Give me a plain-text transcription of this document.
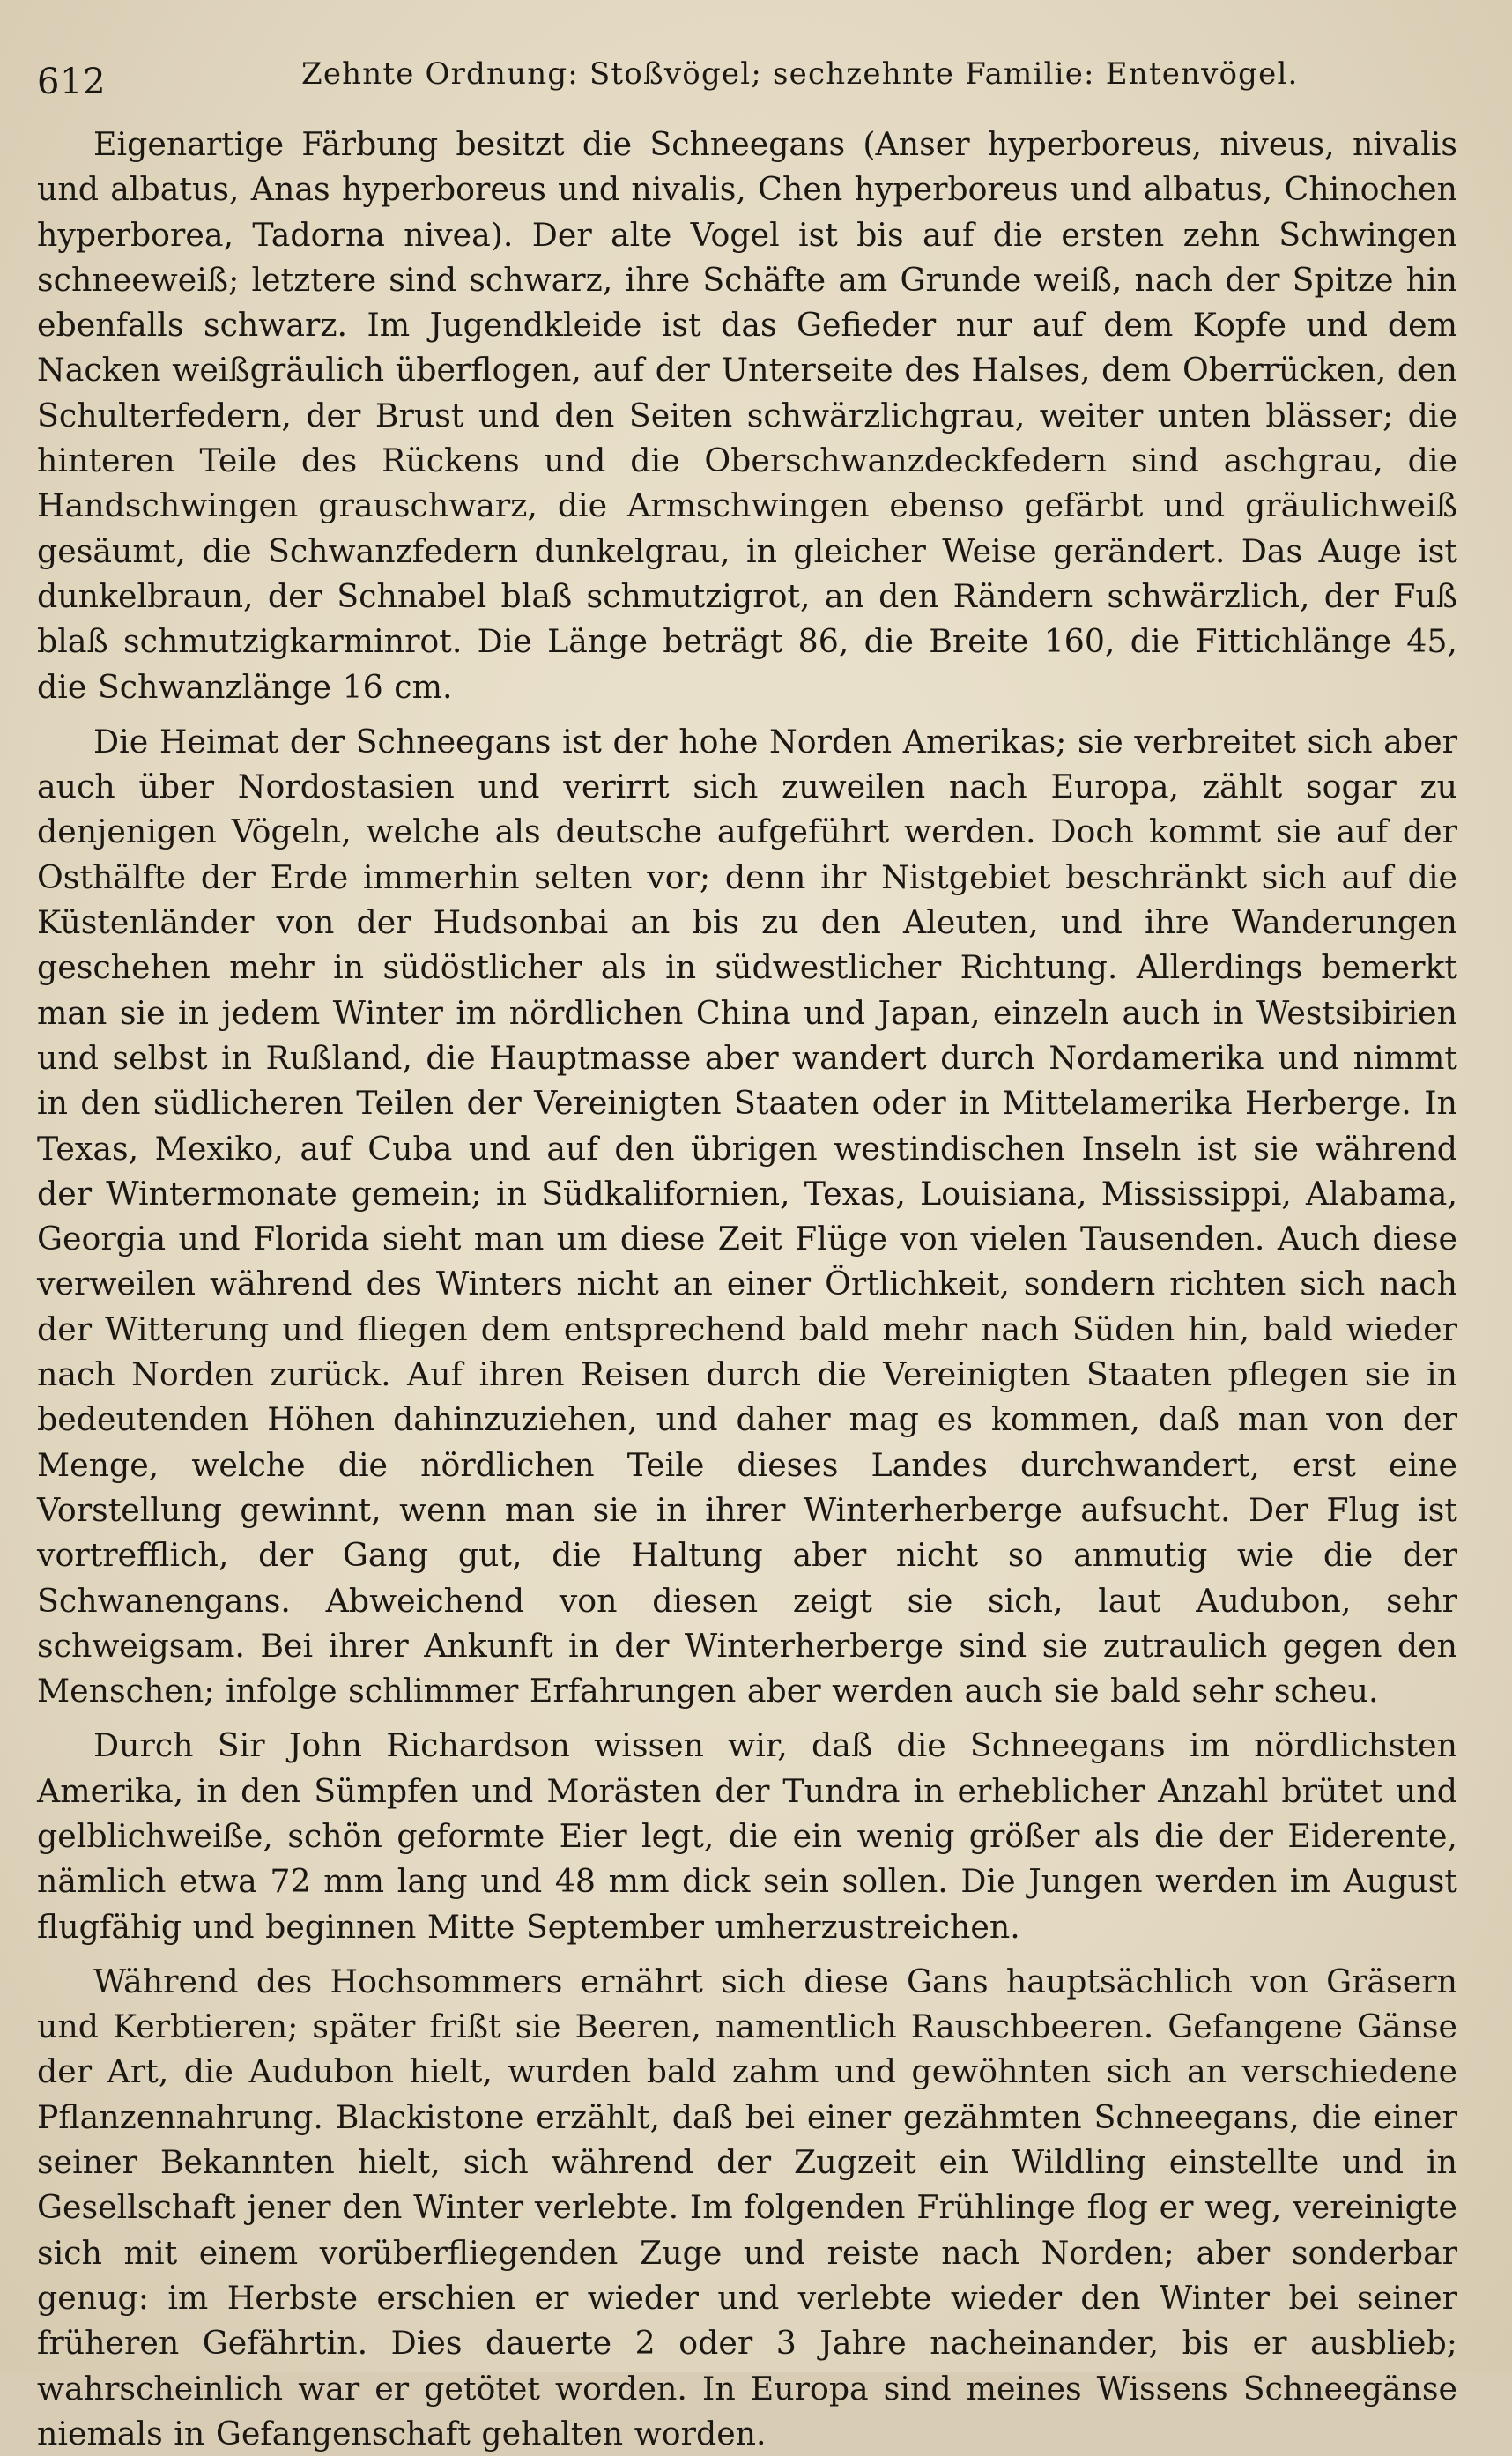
612	Zehnte Ordnung: Stoßvögel; sechzehnte Familie: Entenvögel.

Eigenartige Färbung besitzt die Schneegans (Anser hyperboreus, niveus, nivalis und albatus, Anas hyperboreus und nivalis, Chen hyperboreus und albatus, Chinochen hyperborea, Tadorna nivea). Der alte Vogel ist bis auf die ersten zehn Schwingen schneeweiß; letztere sind schwarz, ihre Schäfte am Grunde weiß, nach der Spitze hin ebenfalls schwarz. Im Jugendkleide ist das Gefieder nur auf dem Kopfe und dem Nacken weißgräulich überflogen, auf der Unterseite des Halses, dem Oberrücken, den Schulterfedern, der Brust und den Seiten schwärzlichgrau, weiter unten blässer; die hinteren Teile des Rückens und die Oberschwanzdeckfedern sind aschgrau, die Handschwingen grauschwarz, die Armschwingen ebenso gefärbt und gräulichweiß gesäumt, die Schwanzfedern dunkelgrau, in gleicher Weise gerändert. Das Auge ist dunkelbraun, der Schnabel blaß schmutzigrot, an den Rändern schwärzlich, der Fuß blaß schmutzigkarminrot. Die Länge beträgt 86, die Breite 160, die Fittichlänge 45, die Schwanzlänge 16 cm.

Die Heimat der Schneegans ist der hohe Norden Amerikas; sie verbreitet sich aber auch über Nordostasien und verirrt sich zuweilen nach Europa, zählt sogar zu denjenigen Vögeln, welche als deutsche aufgeführt werden. Doch kommt sie auf der Osthälfte der Erde immerhin selten vor; denn ihr Nistgebiet beschränkt sich auf die Küstenländer von der Hudsonbai an bis zu den Aleuten, und ihre Wanderungen geschehen mehr in südöstlicher als in südwestlicher Richtung. Allerdings bemerkt man sie in jedem Winter im nördlichen China und Japan, einzeln auch in Westsibirien und selbst in Rußland, die Hauptmasse aber wandert durch Nordamerika und nimmt in den südlicheren Teilen der Vereinigten Staaten oder in Mittelamerika Herberge. In Texas, Mexiko, auf Cuba und auf den übrigen westindischen Inseln ist sie während der Wintermonate gemein; in Südkalifornien, Texas, Louisiana, Mississippi, Alabama, Georgia und Florida sieht man um diese Zeit Flüge von vielen Tausenden. Auch diese verweilen während des Winters nicht an einer Örtlichkeit, sondern richten sich nach der Witterung und fliegen dem entsprechend bald mehr nach Süden hin, bald wieder nach Norden zurück. Auf ihren Reisen durch die Vereinigten Staaten pflegen sie in bedeutenden Höhen dahinzuziehen, und daher mag es kommen, daß man von der Menge, welche die nördlichen Teile dieses Landes durchwandert, erst eine Vorstellung gewinnt, wenn man sie in ihrer Winterherberge aufsucht. Der Flug ist vortrefflich, der Gang gut, die Haltung aber nicht so anmutig wie die der Schwanengans. Abweichend von diesen zeigt sie sich, laut Audubon, sehr schweigsam. Bei ihrer Ankunft in der Winterherberge sind sie zutraulich gegen den Menschen; infolge schlimmer Erfahrungen aber werden auch sie bald sehr scheu.

Durch Sir John Richardson wissen wir, daß die Schneegans im nördlichsten Amerika, in den Sümpfen und Morästen der Tundra in erheblicher Anzahl brütet und gelblichweiße, schön geformte Eier legt, die ein wenig größer als die der Eiderente, nämlich etwa 72 mm lang und 48 mm dick sein sollen. Die Jungen werden im August flugfähig und beginnen Mitte September umherzustreichen.

Während des Hochsommers ernährt sich diese Gans hauptsächlich von Gräsern und Kerbtieren; später frißt sie Beeren, namentlich Rauschbeeren. Gefangene Gänse der Art, die Audubon hielt, wurden bald zahm und gewöhnten sich an verschiedene Pflanzennahrung. Blackistone erzählt, daß bei einer gezähmten Schneegans, die einer seiner Bekannten hielt, sich während der Zugzeit ein Wildling einstellte und in Gesellschaft jener den Winter verlebte. Im folgenden Frühlinge flog er weg, vereinigte sich mit einem vorüberfliegenden Zuge und reiste nach Norden; aber sonderbar genug: im Herbste erschien er wieder und verlebte wieder den Winter bei seiner früheren Gefährtin. Dies dauerte 2 oder 3 Jahre nacheinander, bis er ausblieb; wahrscheinlich war er getötet worden. In Europa sind meines Wissens Schneegänse niemals in Gefangenschaft gehalten worden.
